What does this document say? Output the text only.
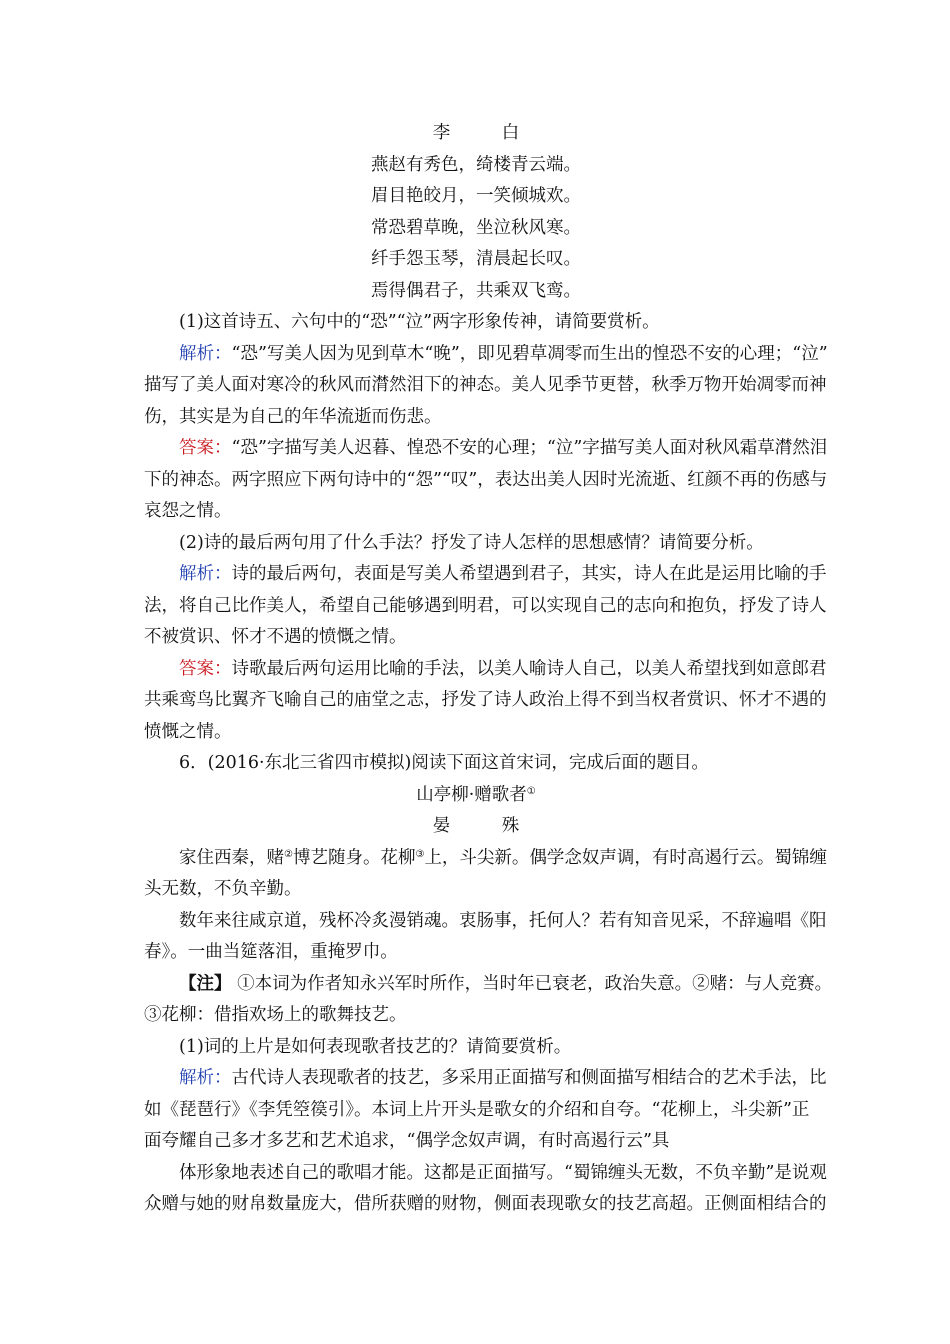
李　白
燕赵有秀色，绮楼青云端。
眉目艳皎月，一笑倾城欢。
常恐碧草晚，坐泣秋风寒。
纤手怨玉琴，清晨起长叹。
焉得偶君子，共乘双飞鸾。
(1)这首诗五、六句中的“恐”“泣”两字形象传神，请简要赏析。
解析：“恐”写美人因为见到草木“晚”，即见碧草凋零而生出的惶恐不安的心理；“泣”
描写了美人面对寒冷的秋风而潸然泪下的神态。美人见季节更替，秋季万物开始凋零而神
伤，其实是为自己的年华流逝而伤悲。
答案：“恐”字描写美人迟暮、惶恐不安的心理；“泣”字描写美人面对秋风霜草潸然泪
下的神态。两字照应下两句诗中的“怨”“叹”，表达出美人因时光流逝、红颜不再的伤感与
哀怨之情。
(2)诗的最后两句用了什么手法？抒发了诗人怎样的思想感情？请简要分析。
解析：诗的最后两句，表面是写美人希望遇到君子，其实，诗人在此是运用比喻的手
法，将自己比作美人，希望自己能够遇到明君，可以实现自己的志向和抱负，抒发了诗人
不被赏识、怀才不遇的愤慨之情。
答案：诗歌最后两句运用比喻的手法，以美人喻诗人自己，以美人希望找到如意郎君
共乘鸾鸟比翼齐飞喻自己的庙堂之志，抒发了诗人政治上得不到当权者赏识、怀才不遇的
愤慨之情。
6．(2016·东北三省四市模拟)阅读下面这首宋词，完成后面的题目。
山亭柳·赠歌者①
晏　殊
家住西秦，赌②博艺随身。花柳③上，斗尖新。偶学念奴声调，有时高遏行云。蜀锦缠
头无数，不负辛勤。
数年来往咸京道，残杯冷炙漫销魂。衷肠事，托何人？若有知音见采，不辞遍唱《阳
春》。一曲当筵落泪，重掩罗巾。
【注】 ①本词为作者知永兴军时所作，当时年已衰老，政治失意。②赌：与人竞赛。
③花柳：借指欢场上的歌舞技艺。
(1)词的上片是如何表现歌者技艺的？请简要赏析。
解析：古代诗人表现歌者的技艺，多采用正面描写和侧面描写相结合的艺术手法，比
如《琵琶行》《李凭箜篌引》。本词上片开头是歌女的介绍和自夸。“花柳上，斗尖新”正
面夸耀自己多才多艺和艺术追求，“偶学念奴声调，有时高遏行云”具
体形象地表述自己的歌唱才能。这都是正面描写。“蜀锦缠头无数，不负辛勤”是说观
众赠与她的财帛数量庞大，借所获赠的财物，侧面表现歌女的技艺高超。正侧面相结合的
